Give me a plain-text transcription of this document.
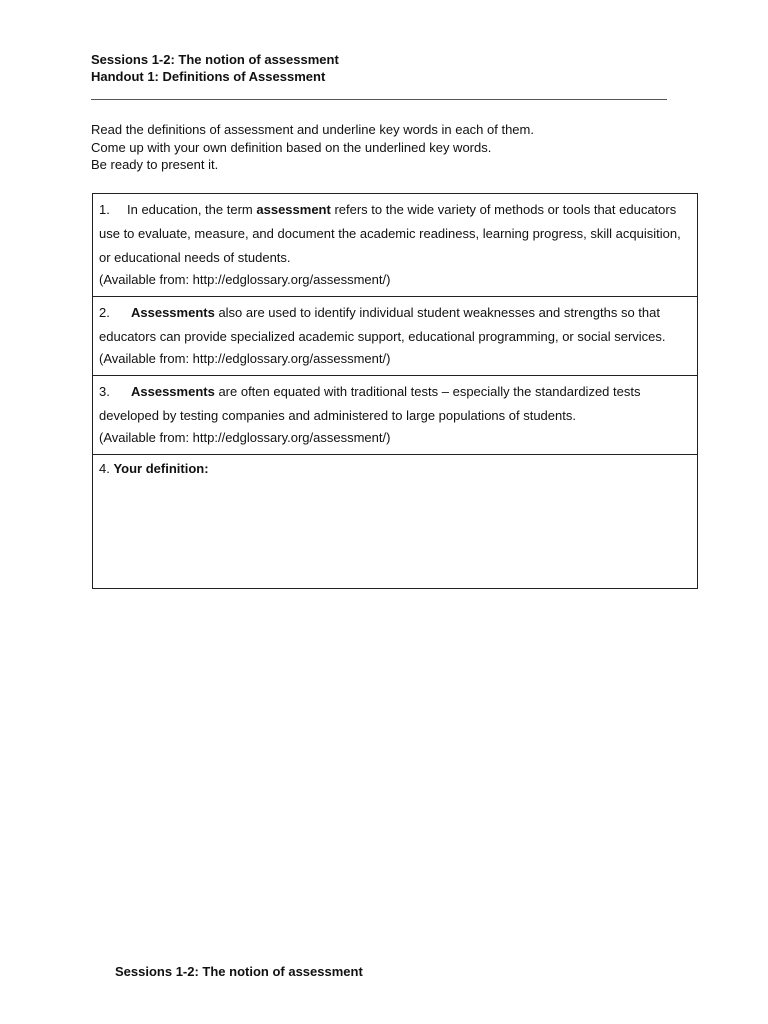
Sessions 1-2: The notion of assessment
Handout 1: Definitions of Assessment
Read the definitions of assessment and underline key words in each of them.
Come up with your own definition based on the underlined key words.
Be ready to present it.
1. In education, the term assessment refers to the wide variety of methods or tools that educators use to evaluate, measure, and document the academic readiness, learning progress, skill acquisition, or educational needs of students.
(Available from: http://edglossary.org/assessment/)

2. Assessments also are used to identify individual student weaknesses and strengths so that educators can provide specialized academic support, educational programming, or social services.
(Available from: http://edglossary.org/assessment/)

3. Assessments are often equated with traditional tests – especially the standardized tests developed by testing companies and administered to large populations of students.
(Available from: http://edglossary.org/assessment/)

4. Your definition:
Sessions 1-2: The notion of assessment
